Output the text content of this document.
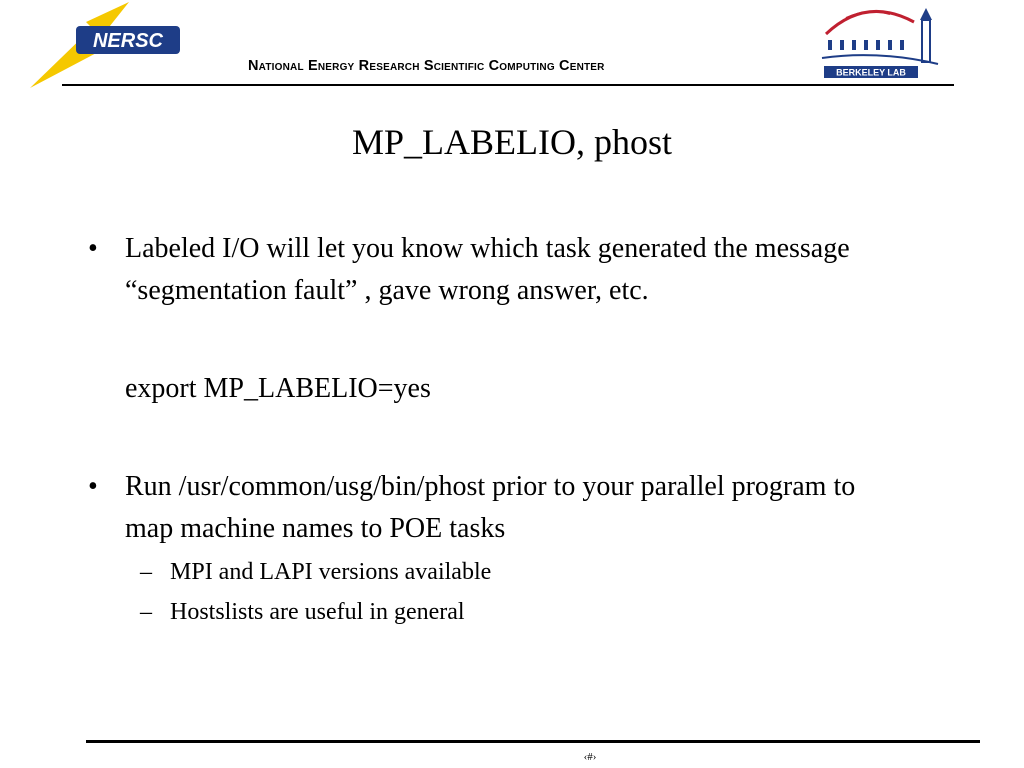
NERSC
National Energy Research Scientific Computing Center	BERKELEY LAB
MP_LABELIO, phost
• Labeled I/O will let you know which task generated the message “segmentation fault” , gave wrong answer, etc.
export MP_LABELIO=yes
• Run /usr/common/usg/bin/phost prior to your parallel program to map machine names to POE tasks
– MPI and LAPI versions available
– Hostslists are useful in general
‹#›
